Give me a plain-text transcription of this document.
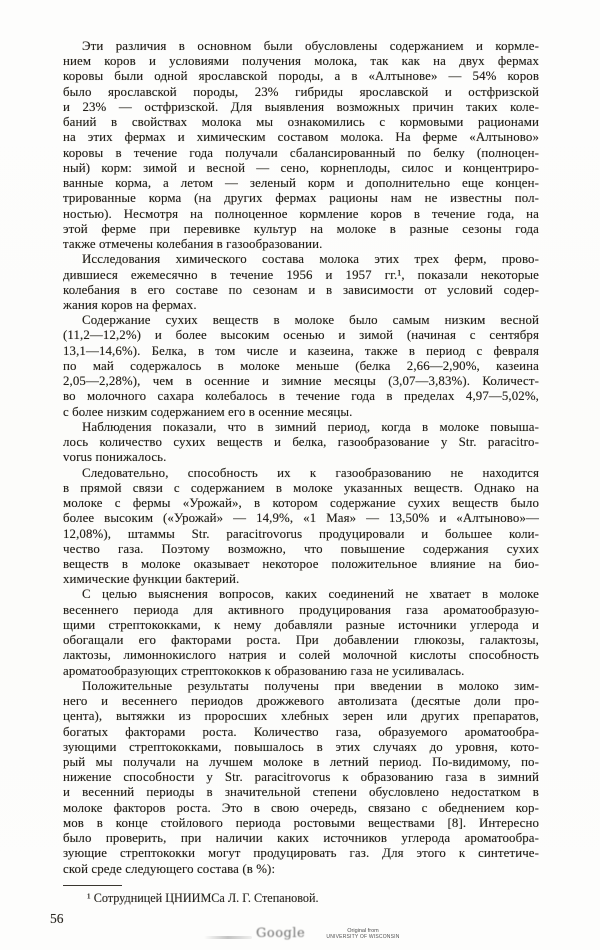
Эти различия в основном были обусловлены содержанием и кормле-
нием коров и условиями получения молока, так как на двух фермах
коровы были одной ярославской породы, а в «Алтынове» — 54% коров
было ярославской породы, 23% гибриды ярославской и остфризской
и 23% — остфризской. Для выявления возможных причин таких коле-
баний в свойствах молока мы ознакомились с кормовыми рационами
на этих фермах и химическим составом молока. На ферме «Алтыново»
коровы в течение года получали сбалансированный по белку (полноцен-
ный) корм: зимой и весной — сено, корнеплоды, силос и концентриро-
ванные корма, а летом — зеленый корм и дополнительно еще концен-
трированные корма (на других фермах рационы нам не известны пол-
ностью). Несмотря на полноценное кормление коров в течение года, на
этой ферме при перевивке культур на молоке в разные сезоны года
также отмечены колебания в газообразовании.
Исследования химического состава молока этих трех ферм, прово-
дившиеся ежемесячно в течение 1956 и 1957 гг.¹, показали некоторые
колебания в его составе по сезонам и в зависимости от условий содер-
жания коров на фермах.
Содержание сухих веществ в молоке было самым низким весной
(11,2—12,2%) и более высоким осенью и зимой (начиная с сентября
13,1—14,6%). Белка, в том числе и казеина, также в период с февраля
по май содержалось в молоке меньше (белка 2,66—2,90%, казеина
2,05—2,28%), чем в осенние и зимние месяцы (3,07—3,83%). Количест-
во молочного сахара колебалось в течение года в пределах 4,97—5,02%,
с более низким содержанием его в осенние месяцы.
Наблюдения показали, что в зимний период, когда в молоке повыша-
лось количество сухих веществ и белка, газообразование у Str. paracitro-
vorus понижалось.
Следовательно, способность их к газообразованию не находится
в прямой связи с содержанием в молоке указанных веществ. Однако на
молоке с фермы «Урожай», в котором содержание сухих веществ было
более высоким («Урожай» — 14,9%, «1 Мая» — 13,50% и «Алтыново»—
12,08%), штаммы Str. paracitrovorus продуцировали и большее коли-
чество газа. Поэтому возможно, что повышение содержания сухих
веществ в молоке оказывает некоторое положительное влияние на био-
химические функции бактерий.
С целью выяснения вопросов, каких соединений не хватает в молоке
весеннего периода для активного продуцирования газа ароматообразую-
щими стрептококками, к нему добавляли разные источники углерода и
обогащали его факторами роста. При добавлении глюкозы, галактозы,
лактозы, лимоннокислого натрия и солей молочной кислоты способность
ароматообразующих стрептококков к образованию газа не усиливалась.
Положительные результаты получены при введении в молоко зим-
него и весеннего периодов дрожжевого автолизата (десятые доли про-
цента), вытяжки из проросших хлебных зерен или других препаратов,
богатых факторами роста. Количество газа, образуемого ароматообра-
зующими стрептококками, повышалось в этих случаях до уровня, кото-
рый мы получали на лучшем молоке в летний период. По-видимому, по-
нижение способности у Str. paracitrovorus к образованию газа в зимний
и весенний периоды в значительной степени обусловлено недостатком в
молоке факторов роста. Это в свою очередь, связано с обеднением кор-
мов в конце стойлового периода ростовыми веществами [8]. Интересно
было проверить, при наличии каких источников углерода ароматообра-
зующие стрептококки могут продуцировать газ. Для этого к синтетиче-
ской среде следующего состава (в %):
¹ Сотрудницей ЦНИИМСа Л. Г. Степановой.
56
Google	Original from
UNIVERSITY OF WISCONSIN
